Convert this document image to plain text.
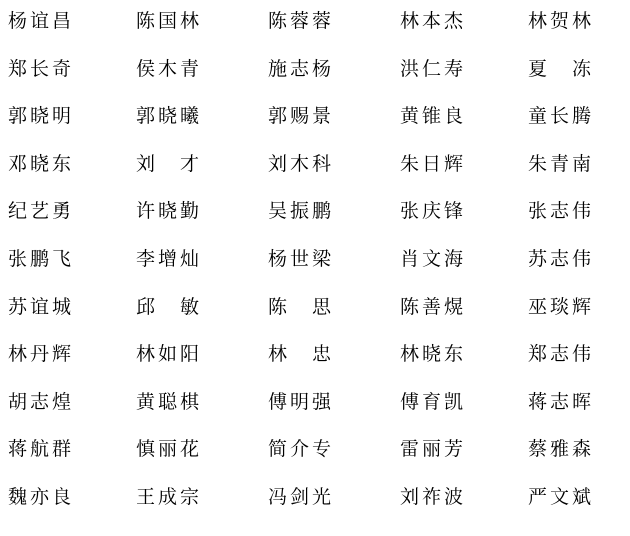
杨谊昌	陈国林	陈蓉蓉	林本杰	林贺林
郑长奇	侯木青	施志杨	洪仁寿	夏　冻
郭晓明	郭晓曦	郭赐景	黄锥良	童长腾
邓晓东	刘　才	刘木科	朱日辉	朱青南
纪艺勇	许晓勤	吴振鹏	张庆锋	张志伟
张鹏飞	李增灿	杨世梁	肖文海	苏志伟
苏谊城	邱　敏	陈　思	陈善熀	巫琰辉
林丹辉	林如阳	林　忠	林晓东	郑志伟
胡志煌	黄聪棋	傅明强	傅育凯	蒋志晖
蒋航群	慎丽花	简介专	雷丽芳	蔡雅森
魏亦良	王成宗	冯剑光	刘祚波	严文斌
